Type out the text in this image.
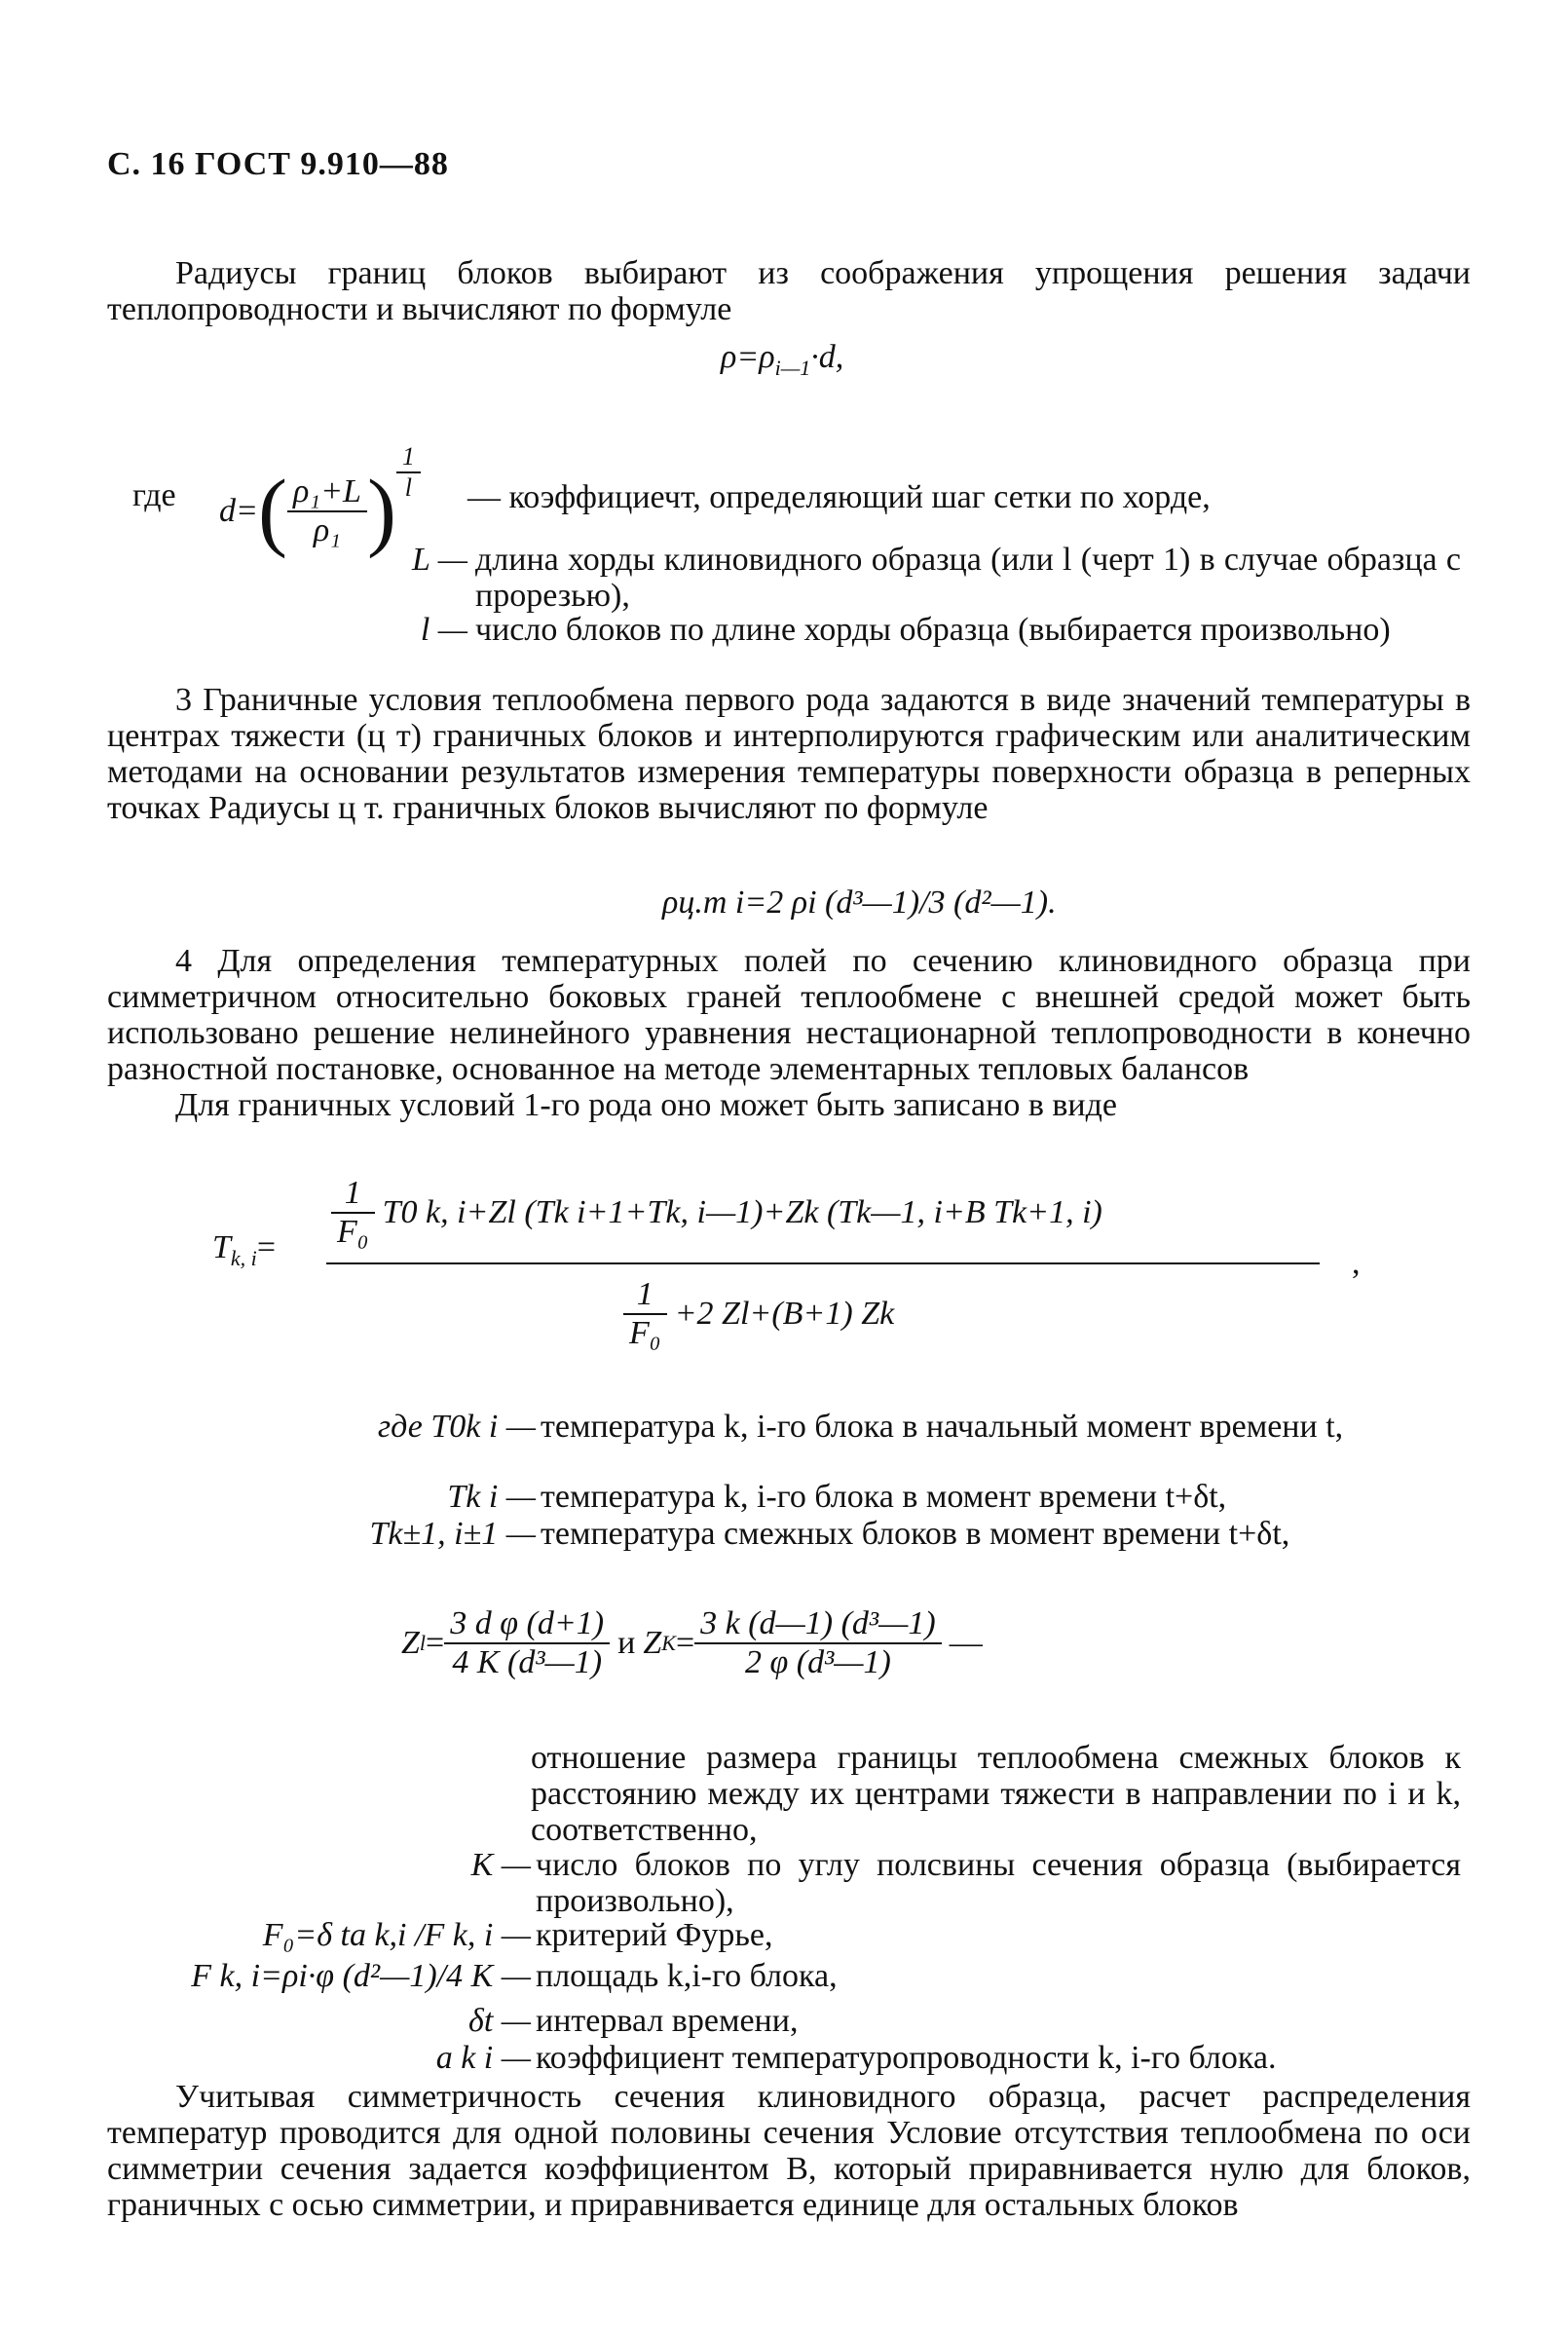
С. 16 ГОСТ 9.910—88

Радиусы границ блоков выбирают из соображения упрощения решения задачи теплопроводности и вычисляют по формуле

$\rho=\rho_{i—1}\cdot d$,
где d= ( $\frac{\text{ρ₁+L}}{\text{ρ₁}}$ ) $\frac{1}{l}$ — коэффициечт, определяющий шаг сетки по хорде,
L — длина хорды клиновидного образца (или l (черт 1) в случае образца с прорезью),
l — число блоков по длине хорды образца (выбирается произвольно)

3 Граничные условия теплообмена первого рода задаются в виде значений температуры в центрах тяжести (ц т) граничных блоков и интерполируются графическим или аналитическим методами на основании результатов измерения температуры поверхности образца в реперных точках Радиусы ц т. граничных блоков вычисляют по формуле

ρц.т i=2 ρi (d³—1)/3 (d²—1).

4 Для определения температурных полей по сечению клиновидного образца при симметричном относительно боковых граней теплообмене с внешней средой может быть использовано решение нелинейного уравнения нестационарной теплопроводности в конечно разностной постановке, основанное на методе элементарных тепловых балансов

Для граничных условий 1-го рода оно может быть записано в виде

$T_{k, i}= \frac{1}{\text{F₀}} T0$ k, i+Zl (Tk i+1+Tk, i—1)+Zk (Tk—1, i+B Tk+1, i)
$\frac{1}{\text{F₀}} +2$ Zl+(B+1) Zk
,
где T0k i — температура k, i-го блока в начальный момент времени t,
Tk i — температура k, i-го блока в момент времени t+δt,
Tk±1, i±1 — температура смежных блоков в момент времени t+δt,
Z $l = \frac{\text{3 d φ (d+1)}}{\text{4 K (d³—1)}}$ и Z $K = \frac{\text{3 k (d—1) (d³—1)}}{\text{2 φ (d³—1)}}$ —
отношение размера границы теплообмена смежных блоков к расстоянию между их центрами тяжести в направлении по i и k, соответственно,
K — число блоков по углу полсвины сечения образца (выбирается произвольно),
F₀=δ ta k,i /F k, i — критерий Фурье,
F k, i=ρi·φ (d²—1)/4 K — площадь k,i-го блока,
δt — интервал времени,
a k i — коэффициент температуропроводности k, i-го блока.

Учитывая симметричность сечения клиновидного образца, расчет распределения температур проводится для одной половины сечения Условие отсутствия теплообмена по оси симметрии сечения задается коэффициентом B, который приравнивается нулю для блоков, граничных с осью симметрии, и приравнивается единице для остальных блоков
